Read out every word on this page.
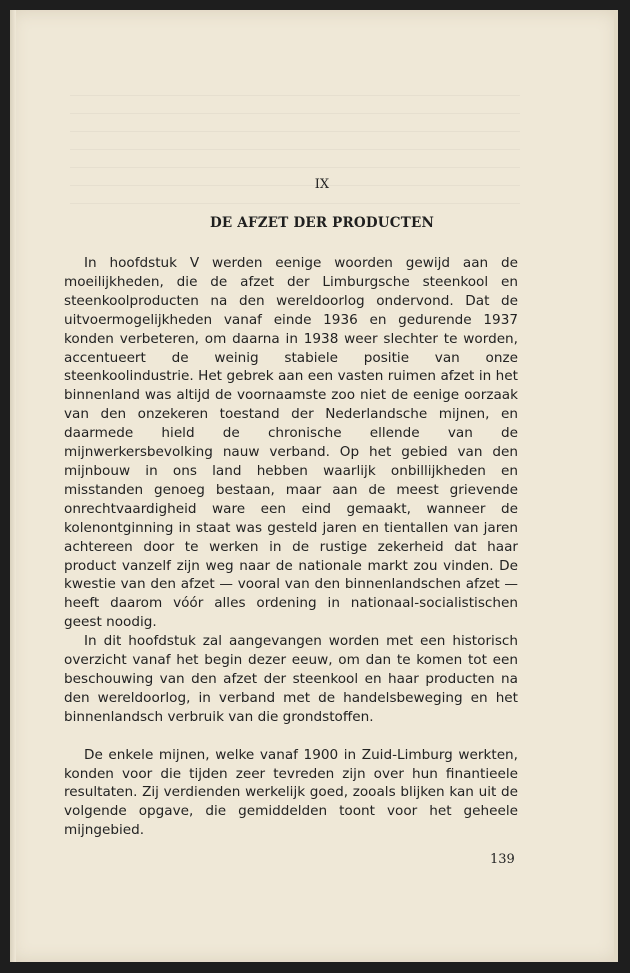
IX
DE AFZET DER PRODUCTEN

In hoofdstuk V werden eenige woorden gewijd aan de moeilijkheden, die de afzet der Limburgsche steenkool en steenkoolproducten na den wereldoorlog ondervond. Dat de uitvoermogelijkheden vanaf einde 1936 en gedurende 1937 konden verbeteren, om daarna in 1938 weer slechter te worden, accentueert de weinig stabiele positie van onze steenkoolindustrie. Het gebrek aan een vasten ruimen afzet in het binnenland was altijd de voornaamste zoo niet de eenige oorzaak van den onzekeren toestand der Nederlandsche mijnen, en daarmede hield de chronische ellende van de mijnwerkersbevolking nauw verband. Op het gebied van den mijnbouw in ons land hebben waarlijk onbillijkheden en misstanden genoeg bestaan, maar aan de meest grievende onrechtvaardigheid ware een eind gemaakt, wanneer de kolenontginning in staat was gesteld jaren en tientallen van jaren achtereen door te werken in de rustige zekerheid dat haar product vanzelf zijn weg naar de nationale markt zou vinden. De kwestie van den afzet — vooral van den binnenlandschen afzet — heeft daarom vóór alles ordening in nationaal-socialistischen geest noodig.

In dit hoofdstuk zal aangevangen worden met een historisch overzicht vanaf het begin dezer eeuw, om dan te komen tot een beschouwing van den afzet der steenkool en haar producten na den wereldoorlog, in verband met de handelsbeweging en het binnenlandsch verbruik van die grondstoffen.

De enkele mijnen, welke vanaf 1900 in Zuid-Limburg werkten, konden voor die tijden zeer tevreden zijn over hun finantieele resultaten. Zij verdienden werkelijk goed, zooals blijken kan uit de volgende opgave, die gemiddelden toont voor het geheele mijngebied.

139
